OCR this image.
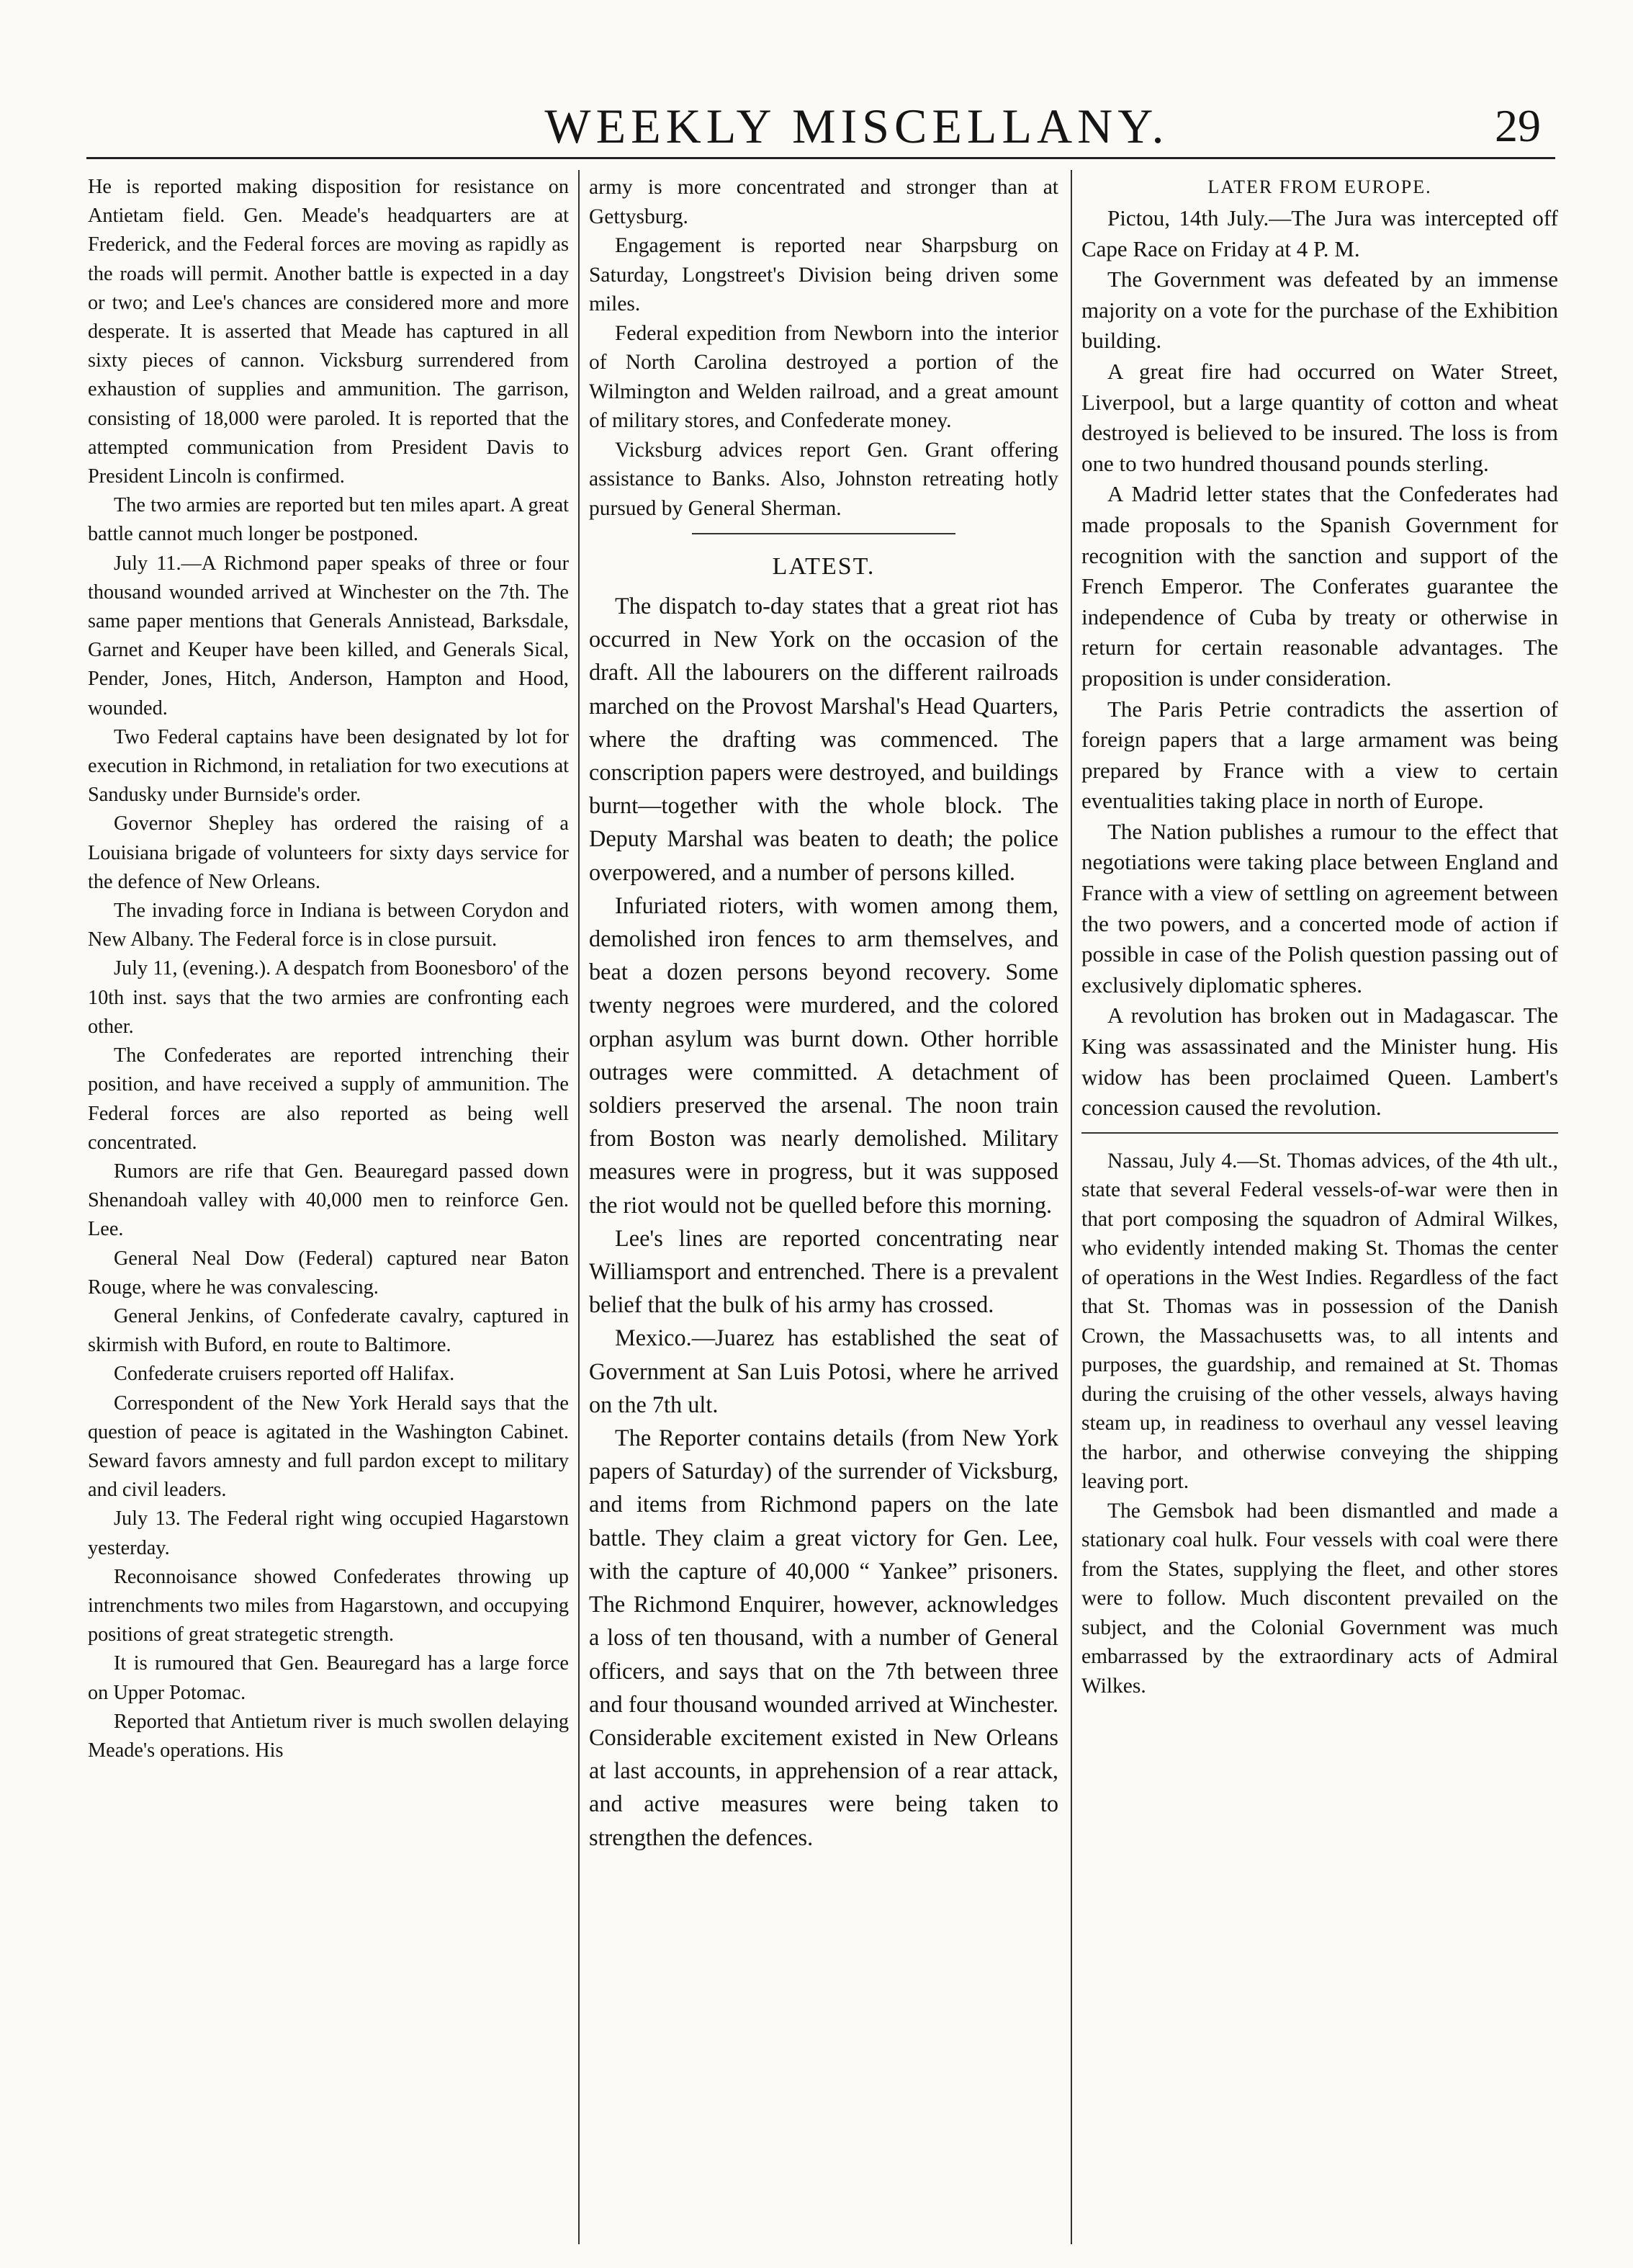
WEEKLY MISCELLANY.	29

He is reported making disposition for resistance on Antietam field. Gen. Meade's headquarters are at Frederick, and the Federal forces are moving as rapidly as the roads will permit. Another battle is expected in a day or two; and Lee's chances are considered more and more desperate. It is asserted that Meade has captured in all sixty pieces of cannon. Vicksburg surrendered from exhaustion of supplies and ammunition. The garrison, consisting of 18,000 were paroled. It is reported that the attempted communication from President Davis to President Lincoln is confirmed.

The two armies are reported but ten miles apart. A great battle cannot much longer be postponed.

July 11.—A Richmond paper speaks of three or four thousand wounded arrived at Winchester on the 7th. The same paper mentions that Generals Annistead, Barksdale, Garnet and Keuper have been killed, and Generals Sical, Pender, Jones, Hitch, Anderson, Hampton and Hood, wounded.

Two Federal captains have been designated by lot for execution in Richmond, in retaliation for two executions at Sandusky under Burnside's order.

Governor Shepley has ordered the raising of a Louisiana brigade of volunteers for sixty days service for the defence of New Orleans.

The invading force in Indiana is between Corydon and New Albany. The Federal force is in close pursuit.

July 11, (evening.). A despatch from Boonesboro' of the 10th inst. says that the two armies are confronting each other.

The Confederates are reported intrenching their position, and have received a supply of ammunition. The Federal forces are also reported as being well concentrated.

Rumors are rife that Gen. Beauregard passed down Shenandoah valley with 40,000 men to reinforce Gen. Lee.

General Neal Dow (Federal) captured near Baton Rouge, where he was convalescing.

General Jenkins, of Confederate cavalry, captured in skirmish with Buford, en route to Baltimore.

Confederate cruisers reported off Halifax.

Correspondent of the New York Herald says that the question of peace is agitated in the Washington Cabinet. Seward favors amnesty and full pardon except to military and civil leaders.

July 13. The Federal right wing occupied Hagarstown yesterday.

Reconnoisance showed Confederates throwing up intrenchments two miles from Hagarstown, and occupying positions of great strategetic strength.

It is rumoured that Gen. Beauregard has a large force on Upper Potomac.

Reported that Antietum river is much swollen delaying Meade's operations. His

army is more concentrated and stronger than at Gettysburg.

Engagement is reported near Sharpsburg on Saturday, Longstreet's Division being driven some miles.

Federal expedition from Newborn into the interior of North Carolina destroyed a portion of the Wilmington and Welden railroad, and a great amount of military stores, and Confederate money.

Vicksburg advices report Gen. Grant offering assistance to Banks. Also, Johnston retreating hotly pursued by General Sherman.

LATEST.

The dispatch to-day states that a great riot has occurred in New York on the occasion of the draft. All the labourers on the different railroads marched on the Provost Marshal's Head Quarters, where the drafting was commenced. The conscription papers were destroyed, and buildings burnt—together with the whole block. The Deputy Marshal was beaten to death; the police overpowered, and a number of persons killed.

Infuriated rioters, with women among them, demolished iron fences to arm themselves, and beat a dozen persons beyond recovery. Some twenty negroes were murdered, and the colored orphan asylum was burnt down. Other horrible outrages were committed. A detachment of soldiers preserved the arsenal. The noon train from Boston was nearly demolished. Military measures were in progress, but it was supposed the riot would not be quelled before this morning.

Lee's lines are reported concentrating near Williamsport and entrenched. There is a prevalent belief that the bulk of his army has crossed.

Mexico.—Juarez has established the seat of Government at San Luis Potosi, where he arrived on the 7th ult.

The Reporter contains details (from New York papers of Saturday) of the surrender of Vicksburg, and items from Richmond papers on the late battle. They claim a great victory for Gen. Lee, with the capture of 40,000 “ Yankee” prisoners. The Richmond Enquirer, however, acknowledges a loss of ten thousand, with a number of General officers, and says that on the 7th between three and four thousand wounded arrived at Winchester. Considerable excitement existed in New Orleans at last accounts, in apprehension of a rear attack, and active measures were being taken to strengthen the defences.

LATER FROM EUROPE.

Pictou, 14th July.—The Jura was intercepted off Cape Race on Friday at 4 P. M.

The Government was defeated by an immense majority on a vote for the purchase of the Exhibition building.

A great fire had occurred on Water Street, Liverpool, but a large quantity of cotton and wheat destroyed is believed to be insured. The loss is from one to two hundred thousand pounds sterling.

A Madrid letter states that the Confederates had made proposals to the Spanish Government for recognition with the sanction and support of the French Emperor. The Conferates guarantee the independence of Cuba by treaty or otherwise in return for certain reasonable advantages. The proposition is under consideration.

The Paris Petrie contradicts the assertion of foreign papers that a large armament was being prepared by France with a view to certain eventualities taking place in north of Europe.

The Nation publishes a rumour to the effect that negotiations were taking place between England and France with a view of settling on agreement between the two powers, and a concerted mode of action if possible in case of the Polish question passing out of exclusively diplomatic spheres.

A revolution has broken out in Madagascar. The King was assassinated and the Minister hung. His widow has been proclaimed Queen. Lambert's concession caused the revolution.

Nassau, July 4.—St. Thomas advices, of the 4th ult., state that several Federal vessels-of-war were then in that port composing the squadron of Admiral Wilkes, who evidently intended making St. Thomas the center of operations in the West Indies. Regardless of the fact that St. Thomas was in possession of the Danish Crown, the Massachusetts was, to all intents and purposes, the guardship, and remained at St. Thomas during the cruising of the other vessels, always having steam up, in readiness to overhaul any vessel leaving the harbor, and otherwise conveying the shipping leaving port.

The Gemsbok had been dismantled and made a stationary coal hulk. Four vessels with coal were there from the States, supplying the fleet, and other stores were to follow. Much discontent prevailed on the subject, and the Colonial Government was much embarrassed by the extraordinary acts of Admiral Wilkes.
